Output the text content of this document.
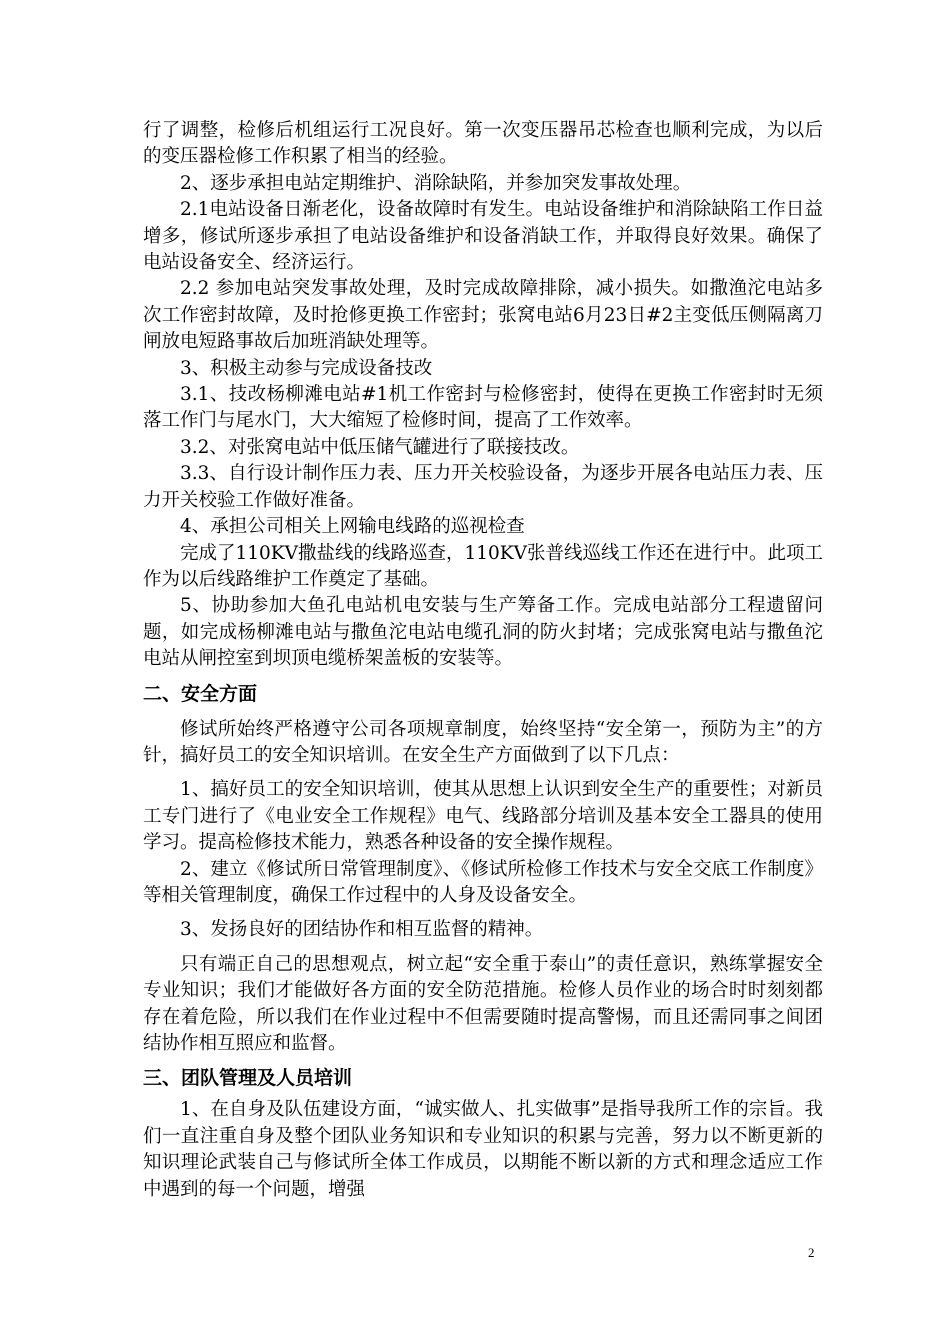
行了调整，检修后机组运行工况良好。第一次变压器吊芯检查也顺利完成，为以后的变压器检修工作积累了相当的经验。

2、逐步承担电站定期维护、消除缺陷，并参加突发事故处理。

2.1电站设备日渐老化，设备故障时有发生。电站设备维护和消除缺陷工作日益增多，修试所逐步承担了电站设备维护和设备消缺工作，并取得良好效果。确保了电站设备安全、经济运行。

2.2 参加电站突发事故处理，及时完成故障排除，减小损失。如撒渔沱电站多次工作密封故障，及时抢修更换工作密封；张窝电站6月23日#2主变低压侧隔离刀闸放电短路事故后加班消缺处理等。

3、积极主动参与完成设备技改

3.1、技改杨柳滩电站#1机工作密封与检修密封，使得在更换工作密封时无须落工作门与尾水门，大大缩短了检修时间，提高了工作效率。

3.2、对张窝电站中低压储气罐进行了联接技改。

3.3、自行设计制作压力表、压力开关校验设备，为逐步开展各电站压力表、压力开关校验工作做好准备。

4、承担公司相关上网输电线路的巡视检查

完成了110KV撒盐线的线路巡查，110KV张普线巡线工作还在进行中。此项工作为以后线路维护工作奠定了基础。

5、协助参加大鱼孔电站机电安装与生产筹备工作。完成电站部分工程遗留问题，如完成杨柳滩电站与撒鱼沱电站电缆孔洞的防火封堵；完成张窝电站与撒鱼沱电站从闸控室到坝顶电缆桥架盖板的安装等。

二、安全方面

修试所始终严格遵守公司各项规章制度，始终坚持“安全第一，预防为主”的方针，搞好员工的安全知识培训。在安全生产方面做到了以下几点：

1、搞好员工的安全知识培训，使其从思想上认识到安全生产的重要性；对新员工专门进行了《电业安全工作规程》电气、线路部分培训及基本安全工器具的使用学习。提高检修技术能力，熟悉各种设备的安全操作规程。

2、建立《修试所日常管理制度》、《修试所检修工作技术与安全交底工作制度》等相关管理制度，确保工作过程中的人身及设备安全。

3、发扬良好的团结协作和相互监督的精神。

只有端正自己的思想观点，树立起“安全重于泰山”的责任意识，熟练掌握安全专业知识；我们才能做好各方面的安全防范措施。检修人员作业的场合时时刻刻都存在着危险，所以我们在作业过程中不但需要随时提高警惕，而且还需同事之间团结协作相互照应和监督。

三、团队管理及人员培训

1、在自身及队伍建设方面，“诚实做人、扎实做事”是指导我所工作的宗旨。我们一直注重自身及整个团队业务知识和专业知识的积累与完善，努力以不断更新的知识理论武装自己与修试所全体工作成员，以期能不断以新的方式和理念适应工作中遇到的每一个问题，增强

2
